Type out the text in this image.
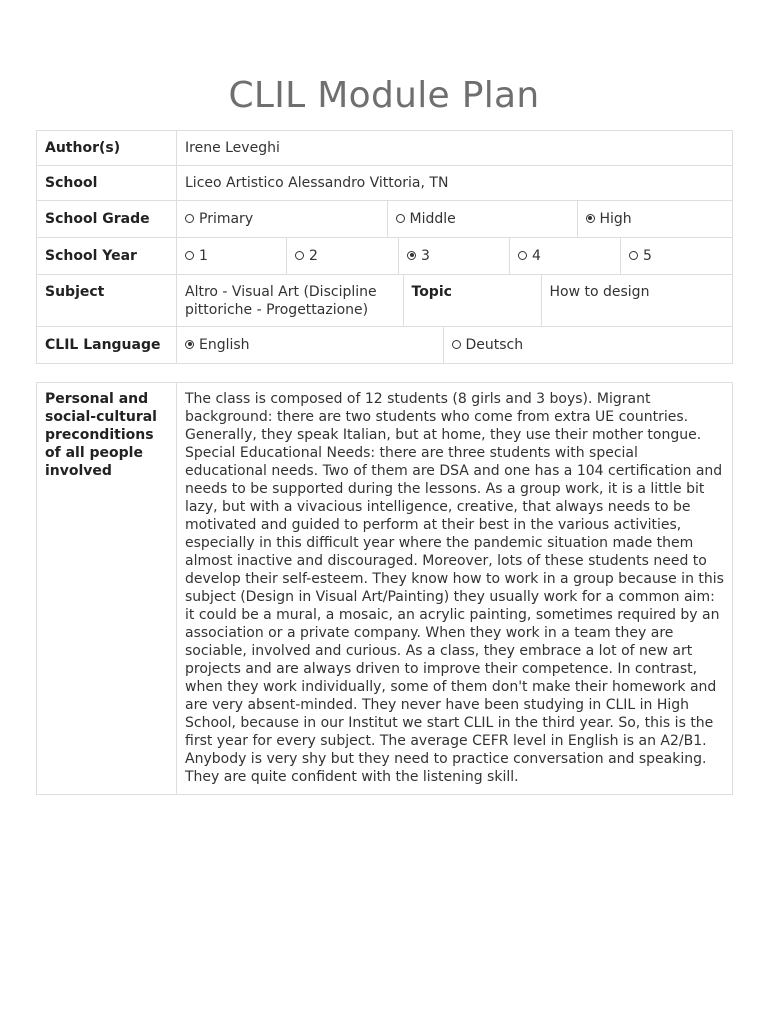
CLIL Module Plan
Author(s)	Irene Leveghi
School	Liceo Artistico Alessandro Vittoria, TN
School Grade		Primary	Middle	High

School Year	1	2	3	4	5
Subject		Altro - Visual Art (Discipline pittoriche - Progettazione)	Topic	How to design

CLIL Language		English	Deutsch
Personal and social-cultural preconditions of all people involved	The class is composed of 12 students (8 girls and 3 boys). Migrant background: there are two students who come from extra UE countries. Generally, they speak Italian, but at home, they use their mother tongue. Special Educational Needs: there are three students with special educational needs. Two of them are DSA and one has a 104 certification and needs to be supported during the lessons. As a group work, it is a little bit lazy, but with a vivacious intelligence, creative, that always needs to be motivated and guided to perform at their best in the various activities, especially in this difficult year where the pandemic situation made them almost inactive and discouraged. Moreover, lots of these students need to develop their self-esteem. They know how to work in a group because in this subject (Design in Visual Art/Painting) they usually work for a common aim: it could be a mural, a mosaic, an acrylic painting, sometimes required by an association or a private company. When they work in a team they are sociable, involved and curious. As a class, they embrace a lot of new art projects and are always driven to improve their competence. In contrast, when they work individually, some of them don't make their homework and are very absent-minded. They never have been studying in CLIL in High School, because in our Institut we start CLIL in the third year. So, this is the first year for every subject. The average CEFR level in English is an A2/B1. Anybody is very shy but they need to practice conversation and speaking. They are quite confident with the listening skill.
